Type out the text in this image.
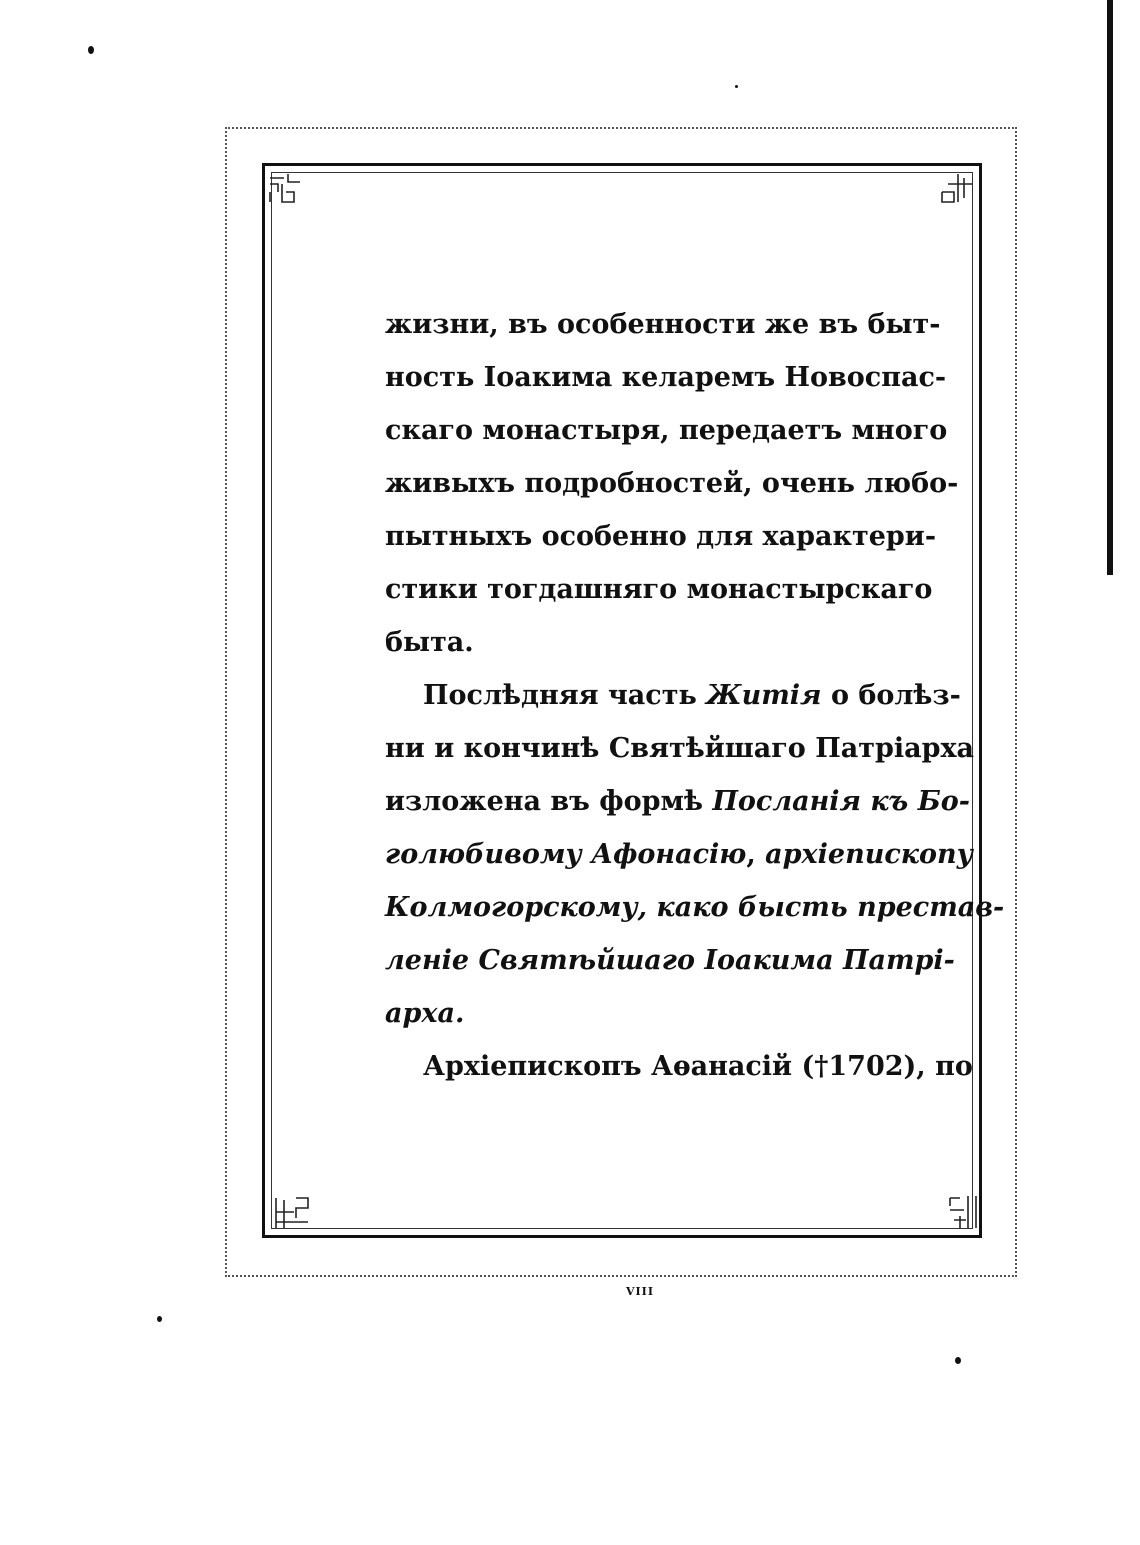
жизни, въ особенности же въ быт-
ность Іоакима келаремъ Новоспас-
скаго монастыря, передаетъ много
живыхъ подробностей, очень любо-
пытныхъ особенно для характери-
стики тогдашняго монастырскаго
быта.
Послѣдняя часть Житія о болѣз-
ни и кончинѣ Святѣйшаго Патріарха
изложена въ формѣ Посланія къ Бо-
голюбивому Афонасію, архіепископу
Колмогорскому, како бысть престав-
леніе Святѣйшаго Іоакима Патрі-
арха.
Архіепископъ Аѳанасій (†1702), по
VIII
